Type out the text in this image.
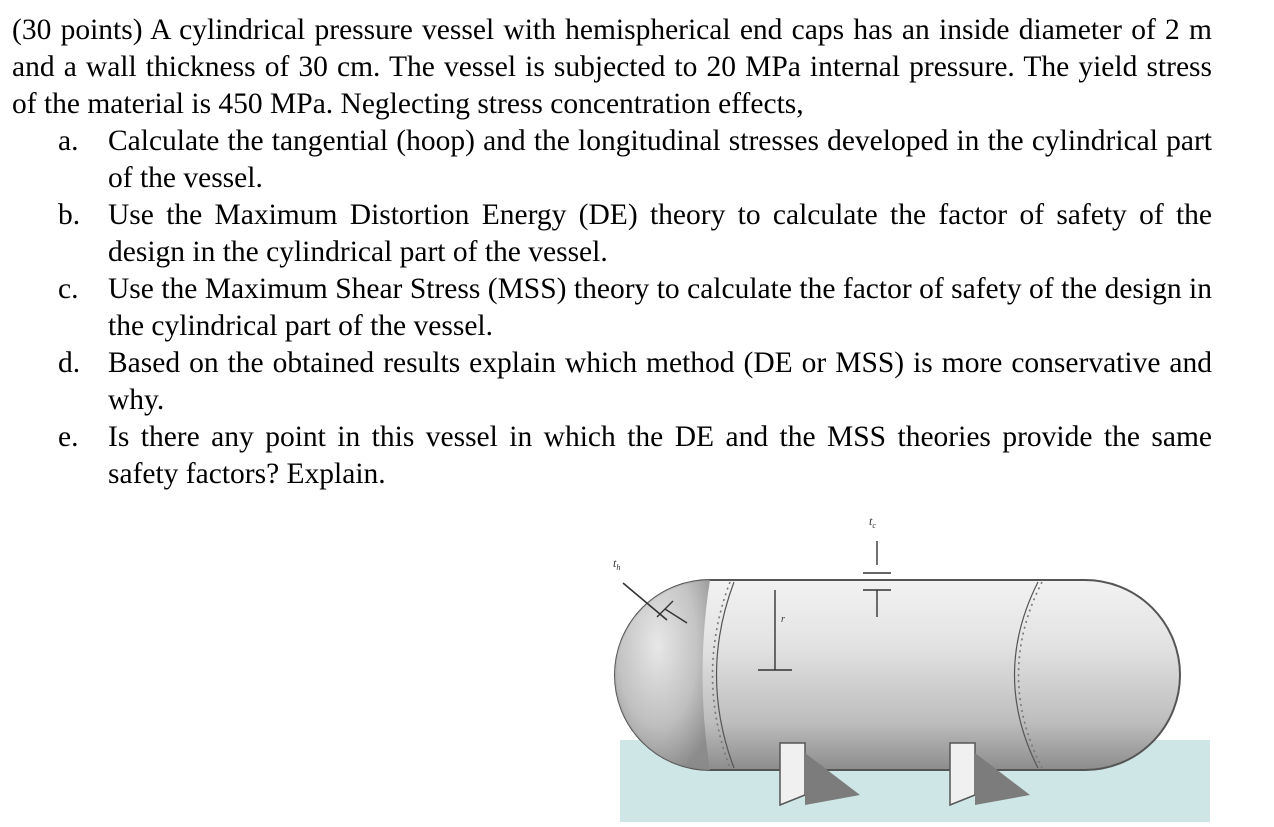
(30 points) A cylindrical pressure vessel with hemispherical end caps has an inside diameter of 2 m and a wall thickness of 30 cm. The vessel is subjected to 20 MPa internal pressure. The yield stress of the material is 450 MPa. Neglecting stress concentration effects,

a. Calculate the tangential (hoop) and the longitudinal stresses developed in the cylindrical part of the vessel.
b. Use the Maximum Distortion Energy (DE) theory to calculate the factor of safety of the design in the cylindrical part of the vessel.
c. Use the Maximum Shear Stress (MSS) theory to calculate the factor of safety of the design in the cylindrical part of the vessel.
d. Based on the obtained results explain which method (DE or MSS) is more conservative and why.
e. Is there any point in this vessel in which the DE and the MSS theories provide the same safety factors? Explain.
$t_h$
r
$t_c$
